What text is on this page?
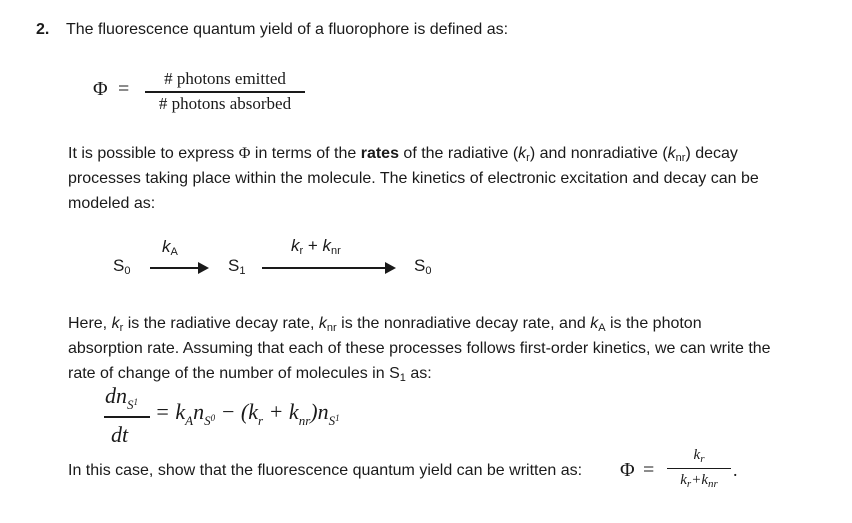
2. The fluorescence quantum yield of a fluorophore is defined as:
Φ =	# photons emitted
# photons absorbed
It is possible to express Φ in terms of the rates of the radiative $(k_r)$ and nonradiative $(k_{nr})$ decay
processes taking place within the molecule. The kinetics of electronic excitation and decay can be
modeled as:
$S_0$
$k_A$
$S_1$
$k_r + k_{nr}$
$S_0$
Here, $k_r$ is the radiative decay rate, $k_{nr}$ is the nonradiative decay rate, and $k_A$ is the photon
absorption rate. Assuming that each of these processes follows first-order kinetics, we can write the
rate of change of the number of molecules in $S_1$ as:
$dn_S1$
dt
= $k_An_S0 - (k_r + k_{nr})n_S1$
In this case, show that the fluorescence quantum yield can be written as: Φ =
$k_r$
$k_r+k_{nr}$
.
